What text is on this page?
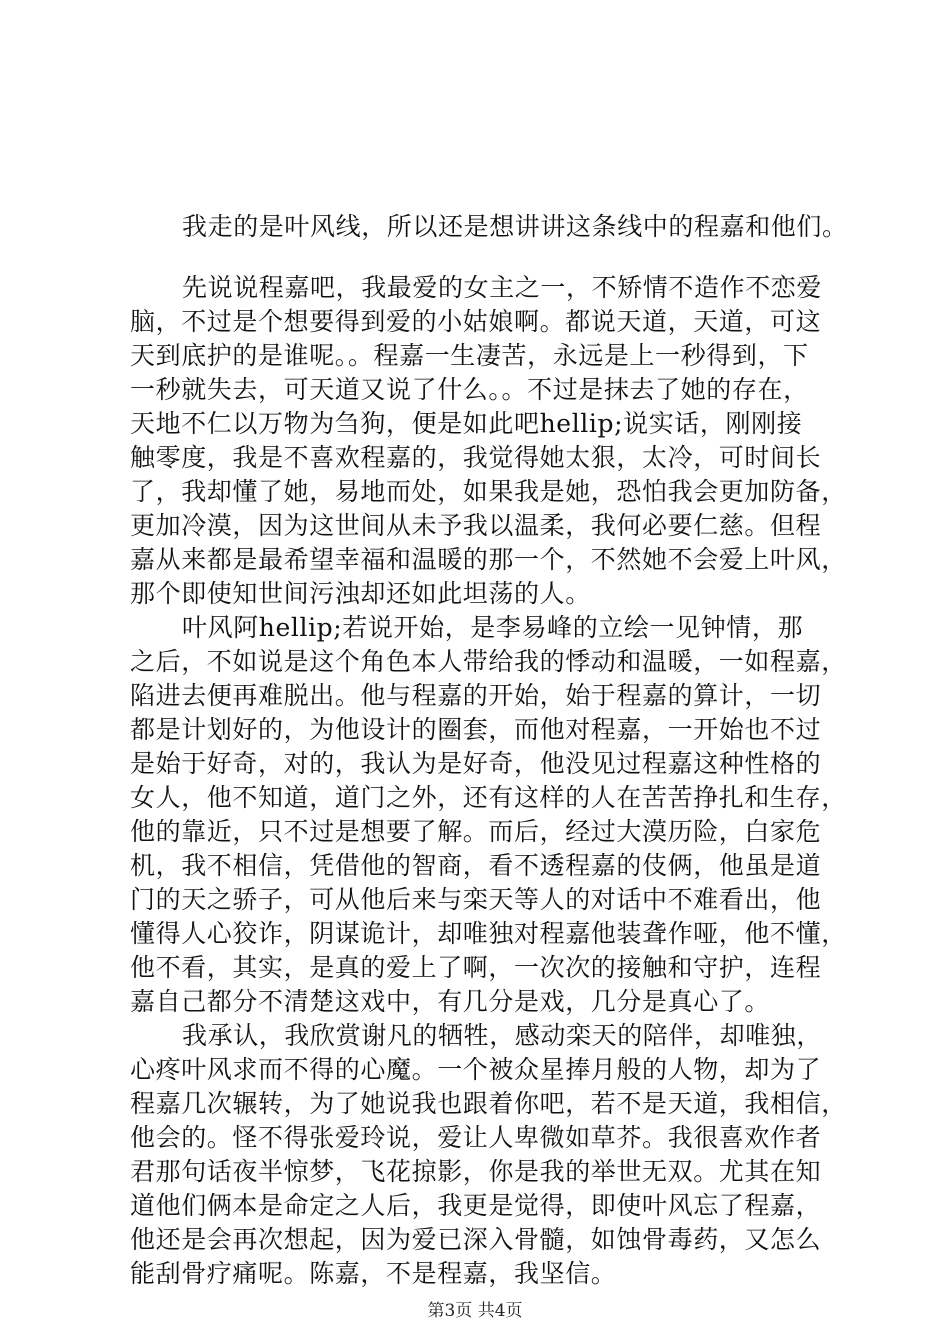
我走的是叶风线，所以还是想讲讲这条线中的程嘉和他们。
先说说程嘉吧，我最爱的女主之一，不矫情不造作不恋爱
脑，不过是个想要得到爱的小姑娘啊。都说天道，天道，可这
天到底护的是谁呢。。程嘉一生凄苦，永远是上一秒得到，下
一秒就失去，可天道又说了什么。。不过是抹去了她的存在，
天地不仁以万物为刍狗，便是如此吧hellip;说实话，刚刚接
触零度，我是不喜欢程嘉的，我觉得她太狠，太冷，可时间长
了，我却懂了她，易地而处，如果我是她，恐怕我会更加防备，
更加冷漠，因为这世间从未予我以温柔，我何必要仁慈。但程
嘉从来都是最希望幸福和温暖的那一个，不然她不会爱上叶风，
那个即使知世间污浊却还如此坦荡的人。
叶风阿hellip;若说开始，是李易峰的立绘一见钟情，那
之后，不如说是这个角色本人带给我的悸动和温暖，一如程嘉，
陷进去便再难脱出。他与程嘉的开始，始于程嘉的算计，一切
都是计划好的，为他设计的圈套，而他对程嘉，一开始也不过
是始于好奇，对的，我认为是好奇，他没见过程嘉这种性格的
女人，他不知道，道门之外，还有这样的人在苦苦挣扎和生存，
他的靠近，只不过是想要了解。而后，经过大漠历险，白家危
机，我不相信，凭借他的智商，看不透程嘉的伎俩，他虽是道
门的天之骄子，可从他后来与栾天等人的对话中不难看出，他
懂得人心狡诈，阴谋诡计，却唯独对程嘉他装聋作哑，他不懂，
他不看，其实，是真的爱上了啊，一次次的接触和守护，连程
嘉自己都分不清楚这戏中，有几分是戏，几分是真心了。
我承认，我欣赏谢凡的牺牲，感动栾天的陪伴，却唯独，
心疼叶风求而不得的心魔。一个被众星捧月般的人物，却为了
程嘉几次辗转，为了她说我也跟着你吧，若不是天道，我相信，
他会的。怪不得张爱玲说，爱让人卑微如草芥。我很喜欢作者
君那句话夜半惊梦，飞花掠影，你是我的举世无双。尤其在知
道他们俩本是命定之人后，我更是觉得，即使叶风忘了程嘉，
他还是会再次想起，因为爱已深入骨髓，如蚀骨毒药，又怎么
能刮骨疗痛呢。陈嘉，不是程嘉，我坚信。
第3页 共4页
